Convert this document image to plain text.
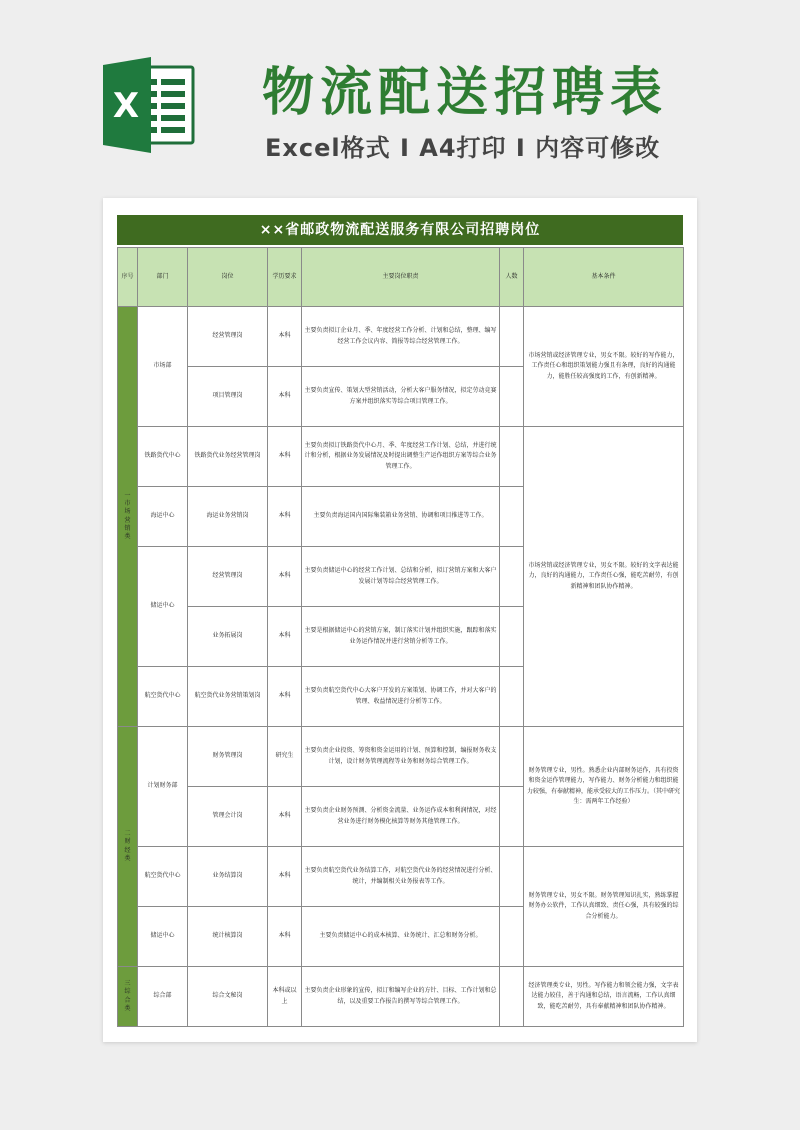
X 物流配送招聘表
Excel格式 I A4打印 I 内容可修改
××省邮政物流配送服务有限公司招聘岗位
序号	部门	岗位	学历要求	主要岗位职责	人数	基本条件

一市场营销类	市场部	经营管理岗	本科	主要负责拟订企业月、季、年度经营工作分析、计划和总结，整理、编写经营工作会议内容、简报等综合经营管理工作。		市场营销或经济管理专业，男女不限。较好的写作能力，工作责任心和组织策划能力强且有条理，良好的沟通能力，能胜任较高强度的工作，有创新精神。
		项目管理岗	本科	主要负责宣传、策划大型营销活动，分析大客户服务情况，拟定劳动竞赛方案并组织落实等综合项目管理工作。		
	铁路货代中心	铁路货代业务经营管理岗	本科	主要负责拟订铁路货代中心月、季、年度经营工作计划、总结，并进行统计和分析，根据业务发展情况及时提出调整生产运作组织方案等综合业务管理工作。		市场营销或经济管理专业，男女不限。较好的文字表达能力，良好的沟通能力，工作责任心强，能吃苦耐劳，有创新精神和团队协作精神。
	海运中心	海运业务营销岗	本科	主要负责海运国内国际集装箱业务营销、协调和项目推进等工作。		
	储运中心	经营管理岗	本科	主要负责储运中心的经营工作计划、总结和分析，拟订营销方案和大客户发展计划等综合经营管理工作。		
		业务拓展岗	本科	主要是根据储运中心的营销方案，制订落实计划并组织实施，跟踪和落实业务运作情况并进行营销分析等工作。		
	航空货代中心	航空货代业务营销策划岗	本科	主要负责航空货代中心大客户开发的方案策划、协调工作，并对大客户的管理、收益情况进行分析等工作。		

二财经类	计划财务部	财务管理岗	研究生	主要负责企业投资、筹资和资金运用的计划、预算和控制，编报财务收支计划，设计财务管理流程等业务和财务综合管理工作。		财务管理专业，男性。熟悉企业内部财务运作，具有投资和资金运作管理能力，写作能力、财务分析能力和组织能力较强，有奉献精神，能承受较大的工作压力。（其中研究生：需两年工作经验）
		管理会计岗	本科	主要负责企业财务预测、分析资金流量、业务运作成本和利润情况，对经营业务进行财务模化核算等财务其他管理工作。		
	航空货代中心	业务结算岗	本科	主要负责航空货代业务结算工作，对航空货代业务的经营情况进行分析、统计，并编制相关业务报表等工作。		财务管理专业，男女不限。财务管理知识扎实，熟练掌握财务办公软件，工作认真细致、责任心强，具有较强的综合分析能力。
	储运中心	统计核算岗	本科	主要负责储运中心的成本核算、业务统计、汇总和财务分析。		

三综合类	综合部	综合文秘岗	本科或以上	主要负责企业形象的宣传，拟订和编写企业的方针、目标、工作计划和总结，以及重要工作报告的撰写等综合管理工作。		经济管理类专业，男性。写作能力和领会能力强，文字表达能力较佳，善于沟通和总结，语言流畅，工作认真细致，能吃苦耐劳，具有奉献精神和团队协作精神。
